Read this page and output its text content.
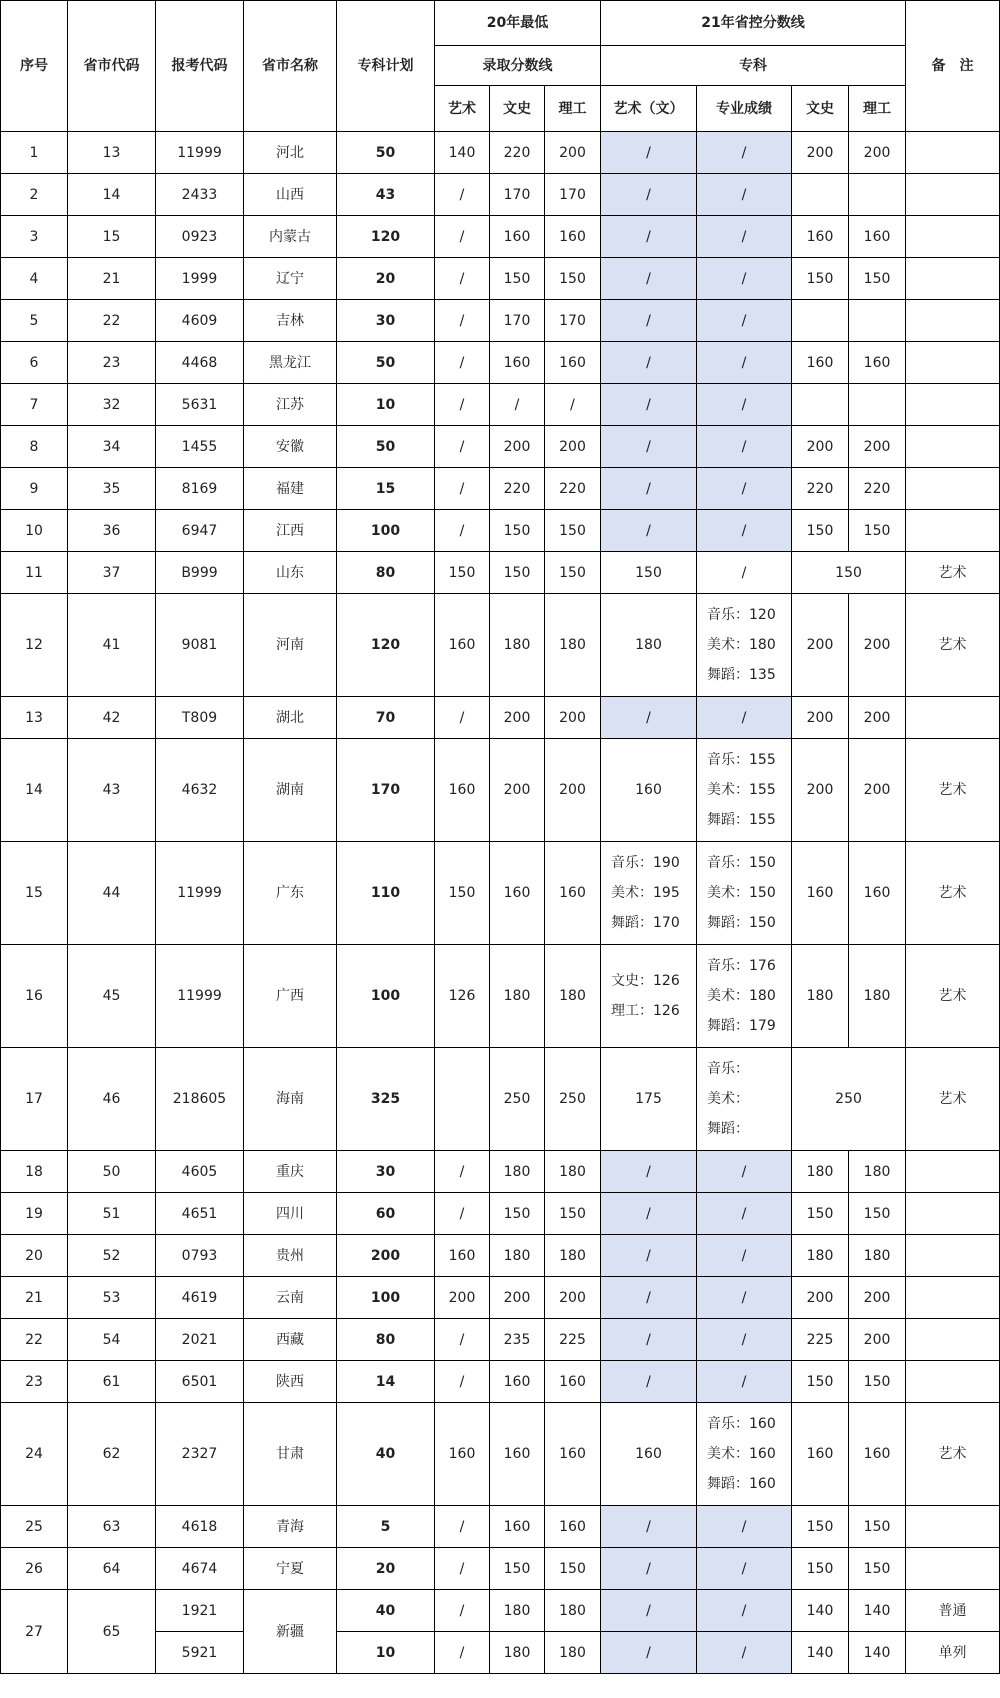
序号	省市代码	报考代码	省市名称	专科计划	20年最低			21年省控分数线				备　注
					录取分数线			专科				
					艺术	文史	理工	艺术（文）	专业成绩	文史	理工	
1	13	11999	河北	50	140	220	200	/	/	200	200	
2	14	2433	山西	43	/	170	170	/	/			
3	15	0923	内蒙古	120	/	160	160	/	/	160	160	
4	21	1999	辽宁	20	/	150	150	/	/	150	150	
5	22	4609	吉林	30	/	170	170	/	/			
6	23	4468	黑龙江	50	/	160	160	/	/	160	160	
7	32	5631	江苏	10	/	/	/	/	/			
8	34	1455	安徽	50	/	200	200	/	/	200	200	
9	35	8169	福建	15	/	220	220	/	/	220	220	
10	36	6947	江西	100	/	150	150	/	/	150	150	
11	37	B999	山东	80	150	150	150	150	/	150		艺术
12	41	9081	河南	120	160	180	180	180	音乐：120
美术：180
舞蹈：135	200	200	艺术
13	42	T809	湖北	70	/	200	200	/	/	200	200	
14	43	4632	湖南	170	160	200	200	160	音乐：155
美术：155
舞蹈：155	200	200	艺术
15	44	11999	广东	110	150	160	160	音乐：190
美术：195
舞蹈：170	音乐：150
美术：150
舞蹈：150	160	160	艺术
16	45	11999	广西	100	126	180	180	文史：126
理工：126	音乐：176
美术：180
舞蹈：179	180	180	艺术
17	46	218605	海南	325		250	250	175	音乐：
美术：
舞蹈：	250		艺术
18	50	4605	重庆	30	/	180	180	/	/	180	180	
19	51	4651	四川	60	/	150	150	/	/	150	150	
20	52	0793	贵州	200	160	180	180	/	/	180	180	
21	53	4619	云南	100	200	200	200	/	/	200	200	
22	54	2021	西藏	80	/	235	225	/	/	225	200	
23	61	6501	陕西	14	/	160	160	/	/	150	150	
24	62	2327	甘肃	40	160	160	160	160	音乐：160
美术：160
舞蹈：160	160	160	艺术
25	63	4618	青海	5	/	160	160	/	/	150	150	
26	64	4674	宁夏	20	/	150	150	/	/	150	150	
27	65	1921	新疆	40	/	180	180	/	/	140	140	普通
		5921		10	/	180	180	/	/	140	140	单列
